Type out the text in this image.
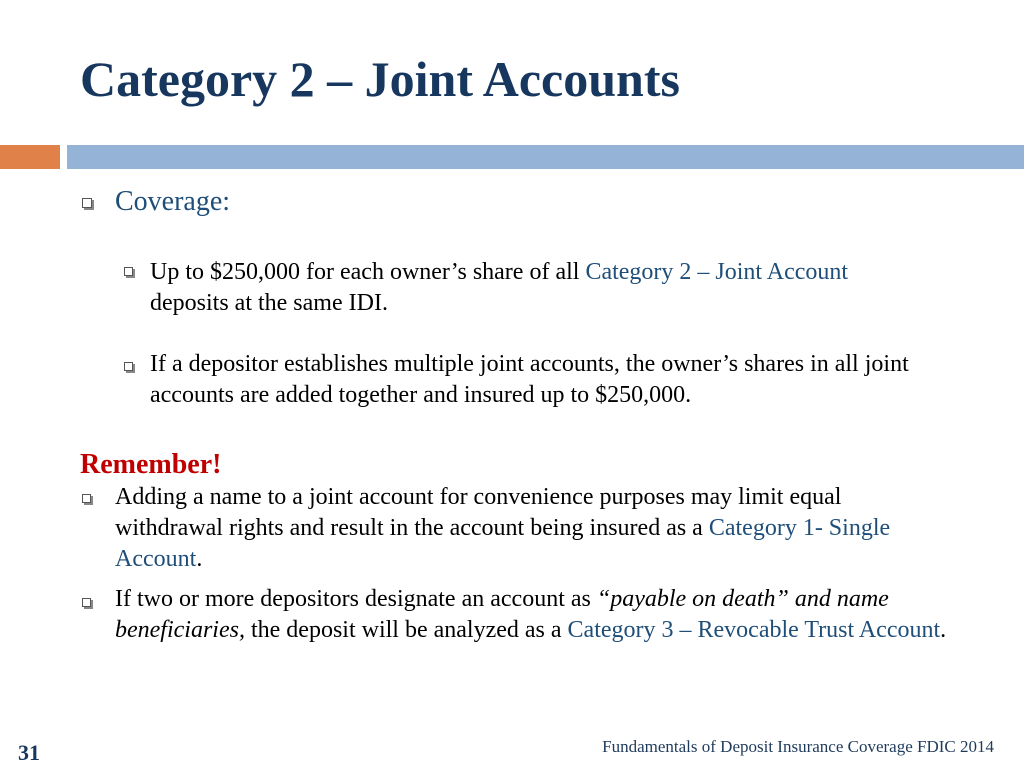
Category 2 – Joint Accounts

Coverage:

Up to $250,000 for each owner’s share of all Category 2 – Joint Account deposits at the same IDI.

If a depositor establishes multiple joint accounts, the owner’s shares in all joint accounts are added together and insured up to $250,000.

Remember!

Adding a name to a joint account for convenience purposes may limit equal withdrawal rights and result in the account being insured as a Category 1- Single Account.

If two or more depositors designate an account as “payable on death” and name beneficiaries, the deposit will be analyzed as a Category 3 – Revocable Trust Account.

31	Fundamentals of Deposit Insurance Coverage FDIC 2014
